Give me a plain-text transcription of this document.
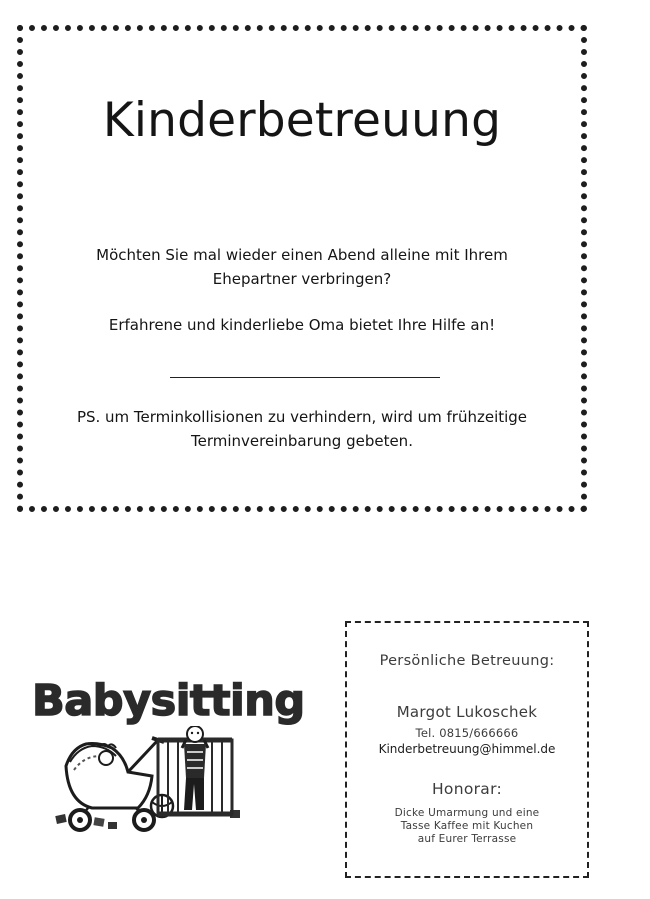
Kinderbetreuung
Möchten Sie mal wieder einen Abend alleine mit Ihrem
Ehepartner verbringen?
Erfahrene und kinderliebe Oma bietet Ihre Hilfe an!
PS. um Terminkollisionen zu verhindern, wird um frühzeitige
Terminvereinbarung gebeten.
Babysitting
Persönliche Betreuung:
Margot Lukoschek
Tel. 0815/666666
Kinderbetreuung@himmel.de
Honorar:
Dicke Umarmung und eine
Tasse Kaffee mit Kuchen
auf Eurer Terrasse
